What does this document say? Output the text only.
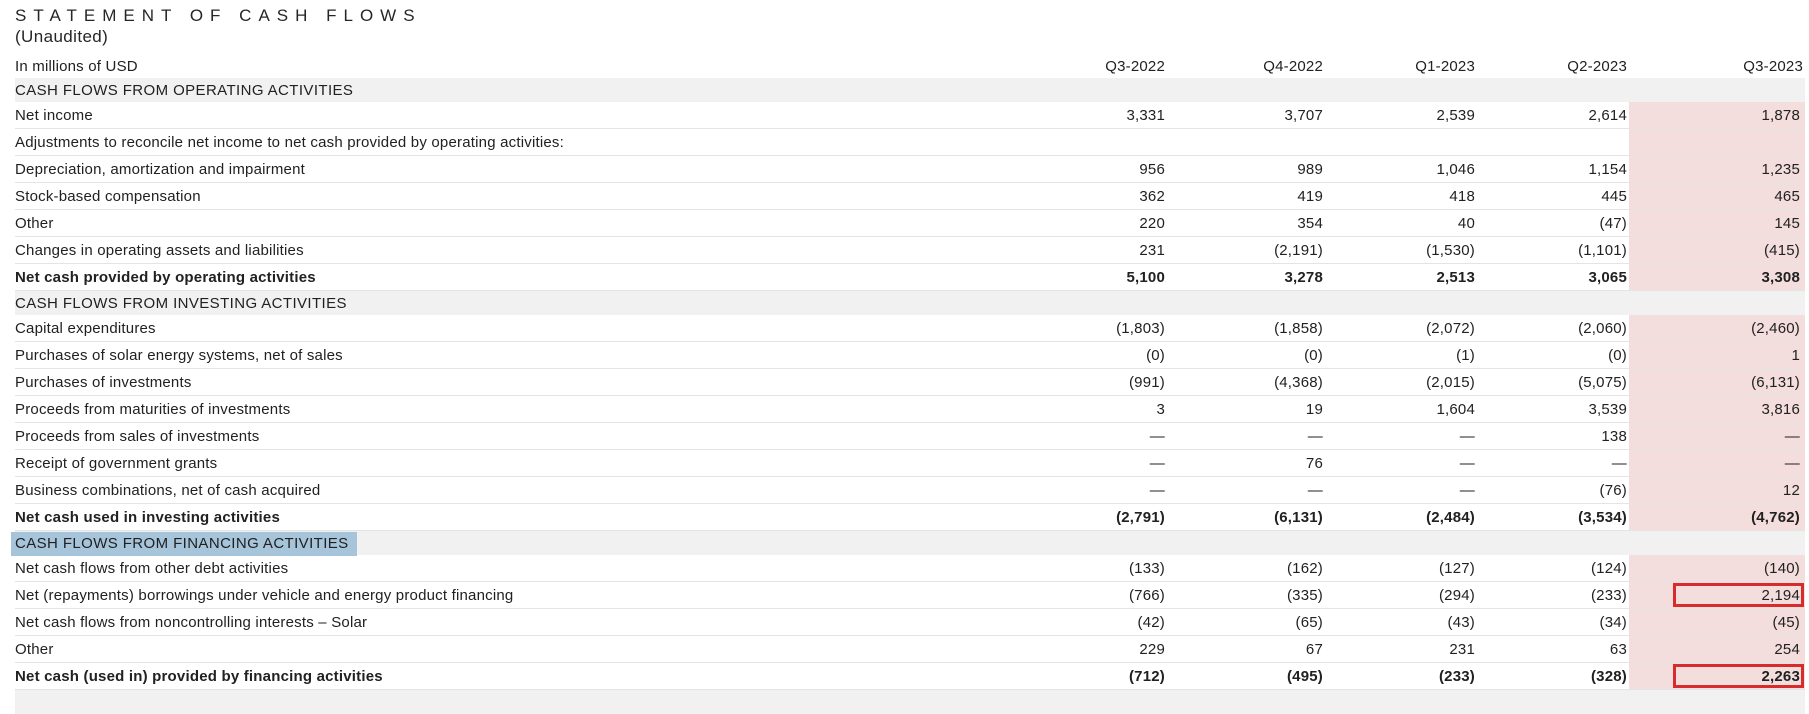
STATEMENT OF CASH FLOWS
(Unaudited)
In millions of USD	Q3-2022	Q4-2022	Q1-2023	Q2-2023	Q3-2023
CASH FLOWS FROM OPERATING ACTIVITIES
Net income	3,331	3,707	2,539	2,614	1,878
Adjustments to reconcile net income to net cash provided by operating activities:
Depreciation, amortization and impairment	956	989	1,046	1,154	1,235
Stock-based compensation	362	419	418	445	465
Other	220	354	40	(47)	145
Changes in operating assets and liabilities	231	(2,191)	(1,530)	(1,101)	(415)
Net cash provided by operating activities	5,100	3,278	2,513	3,065	3,308
CASH FLOWS FROM INVESTING ACTIVITIES
Capital expenditures	(1,803)	(1,858)	(2,072)	(2,060)	(2,460)
Purchases of solar energy systems, net of sales	(0)	(0)	(1)	(0)	1
Purchases of investments	(991)	(4,368)	(2,015)	(5,075)	(6,131)
Proceeds from maturities of investments	3	19	1,604	3,539	3,816
Proceeds from sales of investments	—	—	—	138	—
Receipt of government grants	—	76	—	—	—
Business combinations, net of cash acquired	—	—	—	(76)	12
Net cash used in investing activities	(2,791)	(6,131)	(2,484)	(3,534)	(4,762)
CASH FLOWS FROM FINANCING ACTIVITIES
Net cash flows from other debt activities	(133)	(162)	(127)	(124)	(140)
Net (repayments) borrowings under vehicle and energy product financing	(766)	(335)	(294)	(233)	2,194
Net cash flows from noncontrolling interests – Solar	(42)	(65)	(43)	(34)	(45)
Other	229	67	231	63	254
Net cash (used in) provided by financing activities	(712)	(495)	(233)	(328)	2,263
